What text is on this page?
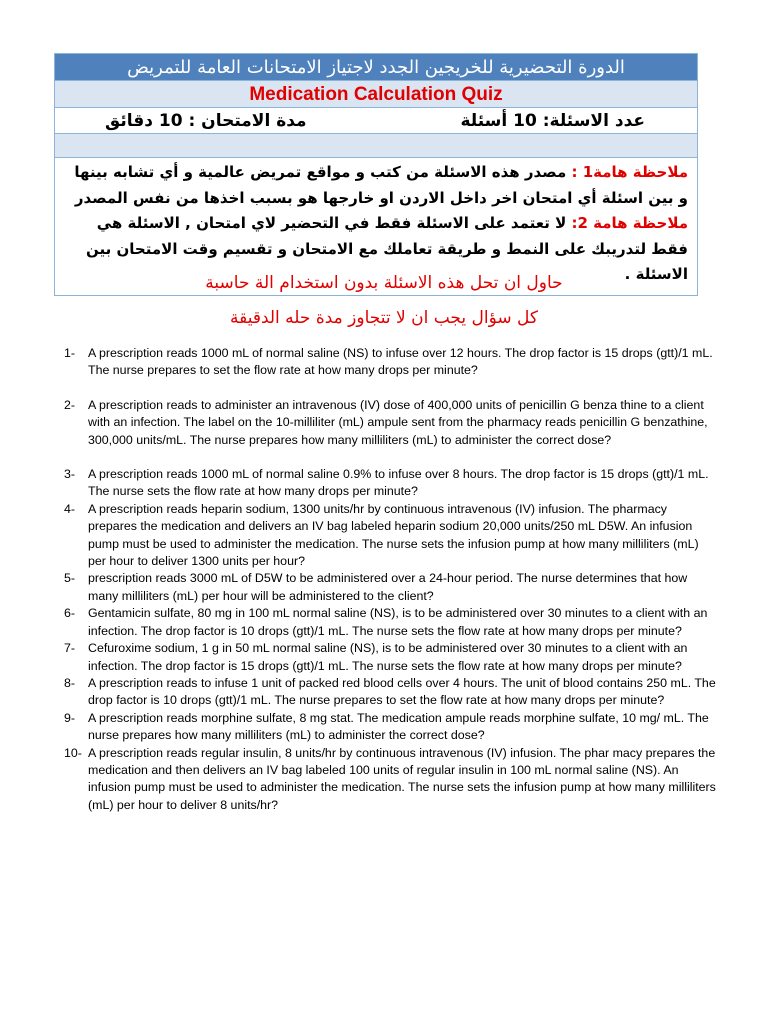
الدورة التحضيرية للخريجين الجدد لاجتياز الامتحانات العامة للتمريض
Medication Calculation Quiz
عدد الاسئلة: 10 أسئلة
مدة الامتحان : 10 دقائق
ملاحظة هامة1 : مصدر هذه الاسئلة من كتب و مواقع تمريض عالمية و أي تشابه بينها و بين اسئلة أي امتحان اخر داخل الاردن او خارجها هو بسبب اخذها من نفس المصدر
ملاحظة هامة 2: لا تعتمد على الاسئلة فقط في التحضير لاي امتحان , الاسئلة هي فقط لتدريبك على النمط و طريقة تعاملك مع الامتحان و تقسيم وقت الامتحان بين الاسئلة .
حاول ان تحل هذه الاسئلة بدون استخدام الة حاسبة
كل سؤال يجب ان لا تتجاوز مدة حله الدقيقة
1- A prescription reads 1000 mL of normal saline (NS) to infuse over 12 hours. The drop factor is 15 drops (gtt)/1 mL. The nurse prepares to set the flow rate at how many drops per minute?
2- A prescription reads to administer an intravenous (IV) dose of 400,000 units of penicillin G benza thine to a client with an infection. The label on the 10-milliliter (mL) ampule sent from the pharmacy reads penicillin G benzathine, 300,000 units/mL. The nurse prepares how many milliliters (mL) to administer the correct dose?
3- A prescription reads 1000 mL of normal saline 0.9% to infuse over 8 hours. The drop factor is 15 drops (gtt)/1 mL. The nurse sets the flow rate at how many drops per minute?
4- A prescription reads heparin sodium, 1300 units/hr by continuous intravenous (IV) infusion. The pharmacy prepares the medication and delivers an IV bag labeled heparin sodium 20,000 units/250 mL D5W. An infusion pump must be used to administer the medication. The nurse sets the infusion pump at how many milliliters (mL) per hour to deliver 1300 units per hour?
5- prescription reads 3000 mL of D5W to be administered over a 24-hour period. The nurse determines that how many milliliters (mL) per hour will be administered to the client?
6- Gentamicin sulfate, 80 mg in 100 mL normal saline (NS), is to be administered over 30 minutes to a client with an infection. The drop factor is 10 drops (gtt)/1 mL. The nurse sets the flow rate at how many drops per minute?
7- Cefuroxime sodium, 1 g in 50 mL normal saline (NS), is to be administered over 30 minutes to a client with an infection. The drop factor is 15 drops (gtt)/1 mL. The nurse sets the flow rate at how many drops per minute?
8- A prescription reads to infuse 1 unit of packed red blood cells over 4 hours. The unit of blood contains 250 mL. The drop factor is 10 drops (gtt)/1 mL. The nurse prepares to set the flow rate at how many drops per minute?
9- A prescription reads morphine sulfate, 8 mg stat. The medication ampule reads morphine sulfate, 10 mg/ mL. The nurse prepares how many milliliters (mL) to administer the correct dose?
10- A prescription reads regular insulin, 8 units/hr by continuous intravenous (IV) infusion. The phar macy prepares the medication and then delivers an IV bag labeled 100 units of regular insulin in 100 mL normal saline (NS). An infusion pump must be used to administer the medication. The nurse sets the infusion pump at how many milliliters (mL) per hour to deliver 8 units/hr?
